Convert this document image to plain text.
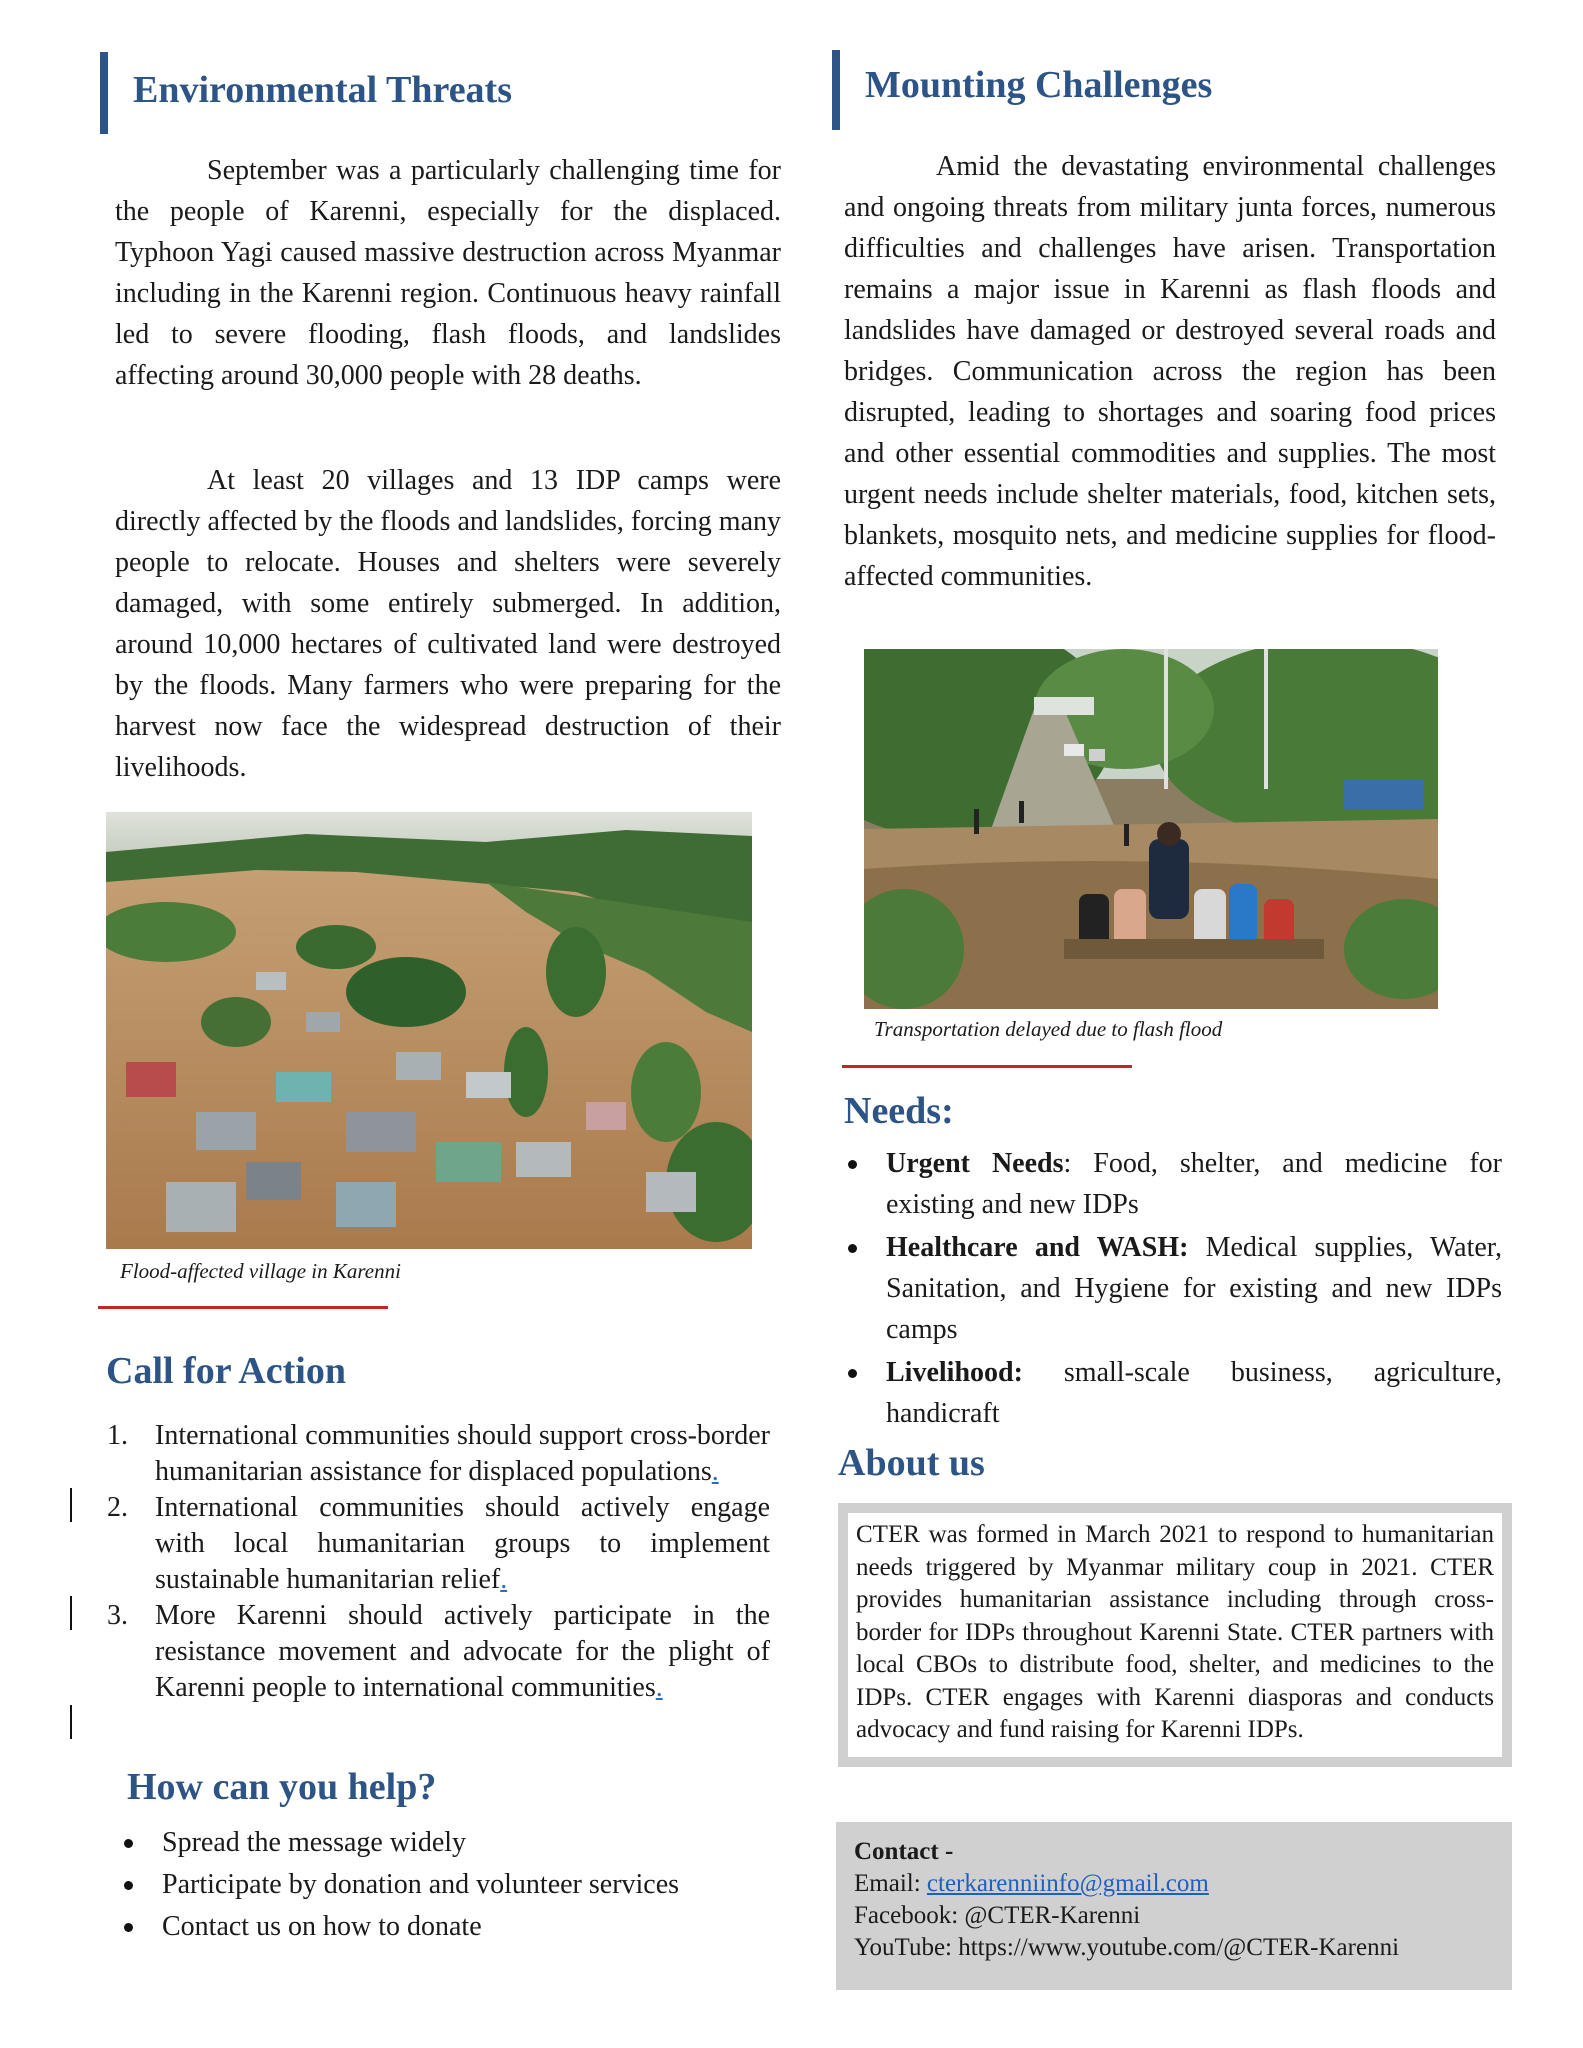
Environmental Threats
September was a particularly challenging time for the people of Karenni, especially for the displaced. Typhoon Yagi caused massive destruction across Myanmar including in the Karenni region. Continuous heavy rainfall led to severe flooding, flash floods, and landslides affecting around 30,000 people with 28 deaths.
At least 20 villages and 13 IDP camps were directly affected by the floods and landslides, forcing many people to relocate. Houses and shelters were severely damaged, with some entirely submerged. In addition, around 10,000 hectares of cultivated land were destroyed by the floods. Many farmers who were preparing for the harvest now face the widespread destruction of their livelihoods.
Flood-affected village in Karenni
Call for Action
1. International communities should support cross-border humanitarian assistance for displaced populations.
2. International communities should actively engage with local humanitarian groups to implement sustainable humanitarian relief.
3. More Karenni should actively participate in the resistance movement and advocate for the plight of Karenni people to international communities.
How can you help?
Spread the message widely
Participate by donation and volunteer services
Contact us on how to donate
Mounting Challenges
Amid the devastating environmental challenges and ongoing threats from military junta forces, numerous difficulties and challenges have arisen. Transportation remains a major issue in Karenni as flash floods and landslides have damaged or destroyed several roads and bridges. Communication across the region has been disrupted, leading to shortages and soaring food prices and other essential commodities and supplies. The most urgent needs include shelter materials, food, kitchen sets, blankets, mosquito nets, and medicine supplies for flood-affected communities.
Transportation delayed due to flash flood
Needs:
Urgent Needs: Food, shelter, and medicine for existing and new IDPs
Healthcare and WASH: Medical supplies, Water, Sanitation, and Hygiene for existing and new IDPs camps
Livelihood: small-scale business, agriculture, handicraft
About us
CTER was formed in March 2021 to respond to humanitarian needs triggered by Myanmar military coup in 2021. CTER provides humanitarian assistance including through cross-border for IDPs throughout Karenni State. CTER partners with local CBOs to distribute food, shelter, and medicines to the IDPs. CTER engages with Karenni diasporas and conducts advocacy and fund raising for Karenni IDPs.
Contact -
Email: cterkarenniinfo@gmail.com
Facebook: @CTER-Karenni
YouTube: https://www.youtube.com/@CTER-Karenni
